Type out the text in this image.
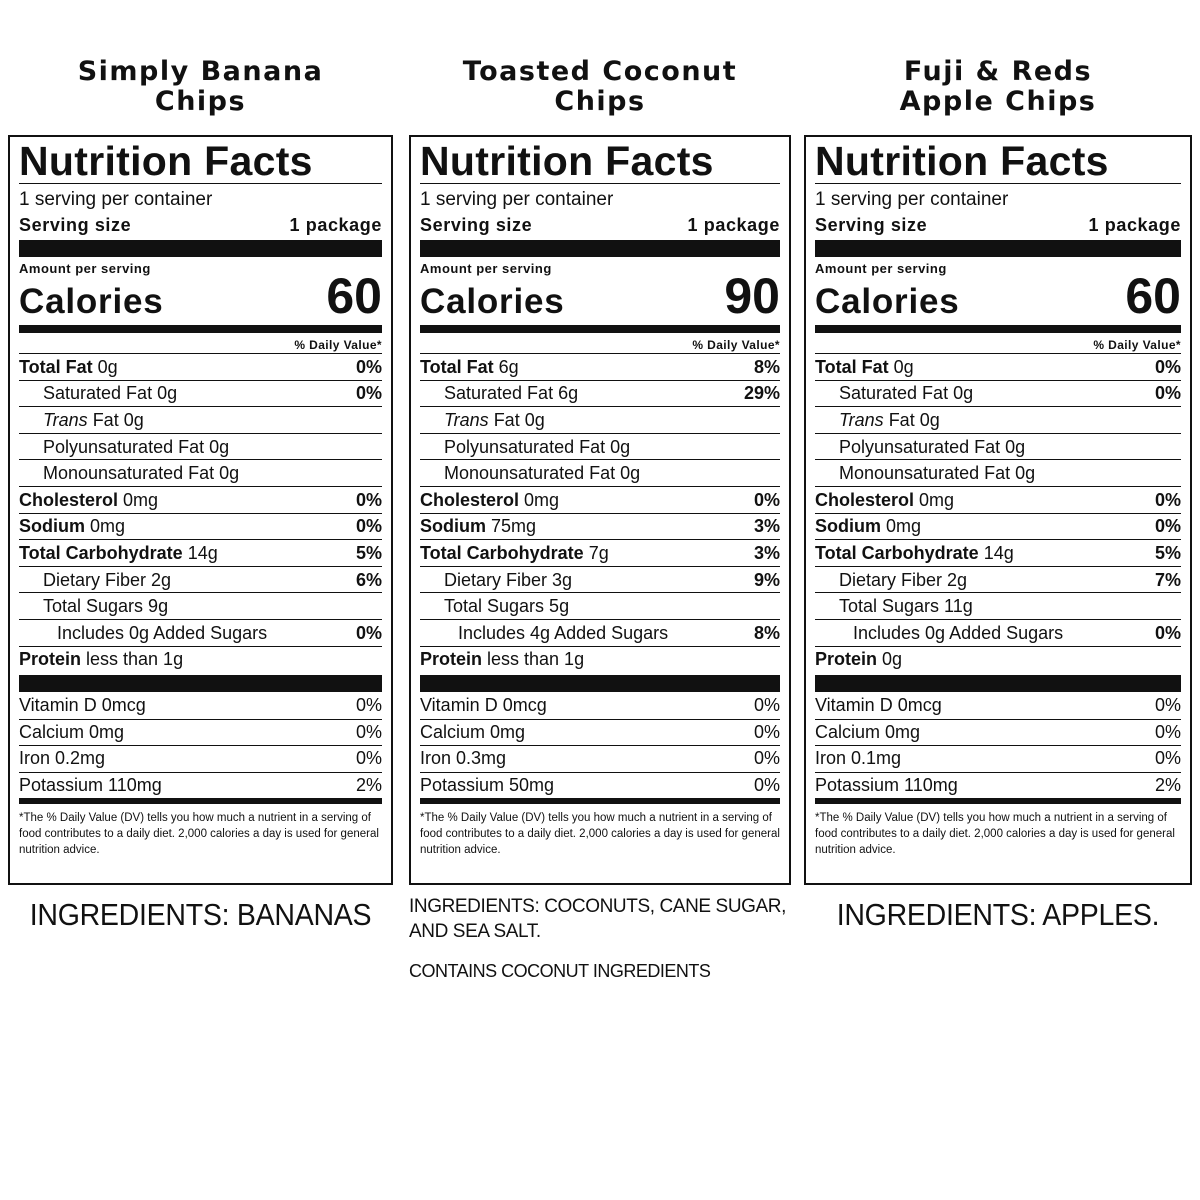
Simply Banana
Chips
Nutrition Facts
1 serving per container
Serving size	1 package
Amount per serving
Calories	60
% Daily Value*
Total Fat 0g	0%
Saturated Fat 0g	0%
Trans Fat 0g
Polyunsaturated Fat 0g
Monounsaturated Fat 0g
Cholesterol 0mg	0%
Sodium 0mg	0%
Total Carbohydrate 14g	5%
Dietary Fiber 2g	6%
Total Sugars 9g
Includes 0g Added Sugars	0%
Protein less than 1g
Vitamin D 0mcg	0%
Calcium 0mg	0%
Iron 0.2mg	0%
Potassium 110mg	2%
*The % Daily Value (DV) tells you how much a nutrient in a serving of food contributes to a daily diet. 2,000 calories a day is used for general nutrition advice.
INGREDIENTS: BANANAS
Toasted Coconut
Chips
Nutrition Facts
1 serving per container
Serving size	1 package
Amount per serving
Calories	90
% Daily Value*
Total Fat 6g	8%
Saturated Fat 6g	29%
Trans Fat 0g
Polyunsaturated Fat 0g
Monounsaturated Fat 0g
Cholesterol 0mg	0%
Sodium 75mg	3%
Total Carbohydrate 7g	3%
Dietary Fiber 3g	9%
Total Sugars 5g
Includes 4g Added Sugars	8%
Protein less than 1g
Vitamin D 0mcg	0%
Calcium 0mg	0%
Iron 0.3mg	0%
Potassium 50mg	0%
*The % Daily Value (DV) tells you how much a nutrient in a serving of food contributes to a daily diet. 2,000 calories a day is used for general nutrition advice.
INGREDIENTS: COCONUTS, CANE SUGAR, AND SEA SALT.
CONTAINS COCONUT INGREDIENTS
Fuji & Reds
Apple Chips
Nutrition Facts
1 serving per container
Serving size	1 package
Amount per serving
Calories	60
% Daily Value*
Total Fat 0g	0%
Saturated Fat 0g	0%
Trans Fat 0g
Polyunsaturated Fat 0g
Monounsaturated Fat 0g
Cholesterol 0mg	0%
Sodium 0mg	0%
Total Carbohydrate 14g	5%
Dietary Fiber 2g	7%
Total Sugars 11g
Includes 0g Added Sugars	0%
Protein 0g
Vitamin D 0mcg	0%
Calcium 0mg	0%
Iron 0.1mg	0%
Potassium 110mg	2%
*The % Daily Value (DV) tells you how much a nutrient in a serving of food contributes to a daily diet. 2,000 calories a day is used for general nutrition advice.
INGREDIENTS: APPLES.
